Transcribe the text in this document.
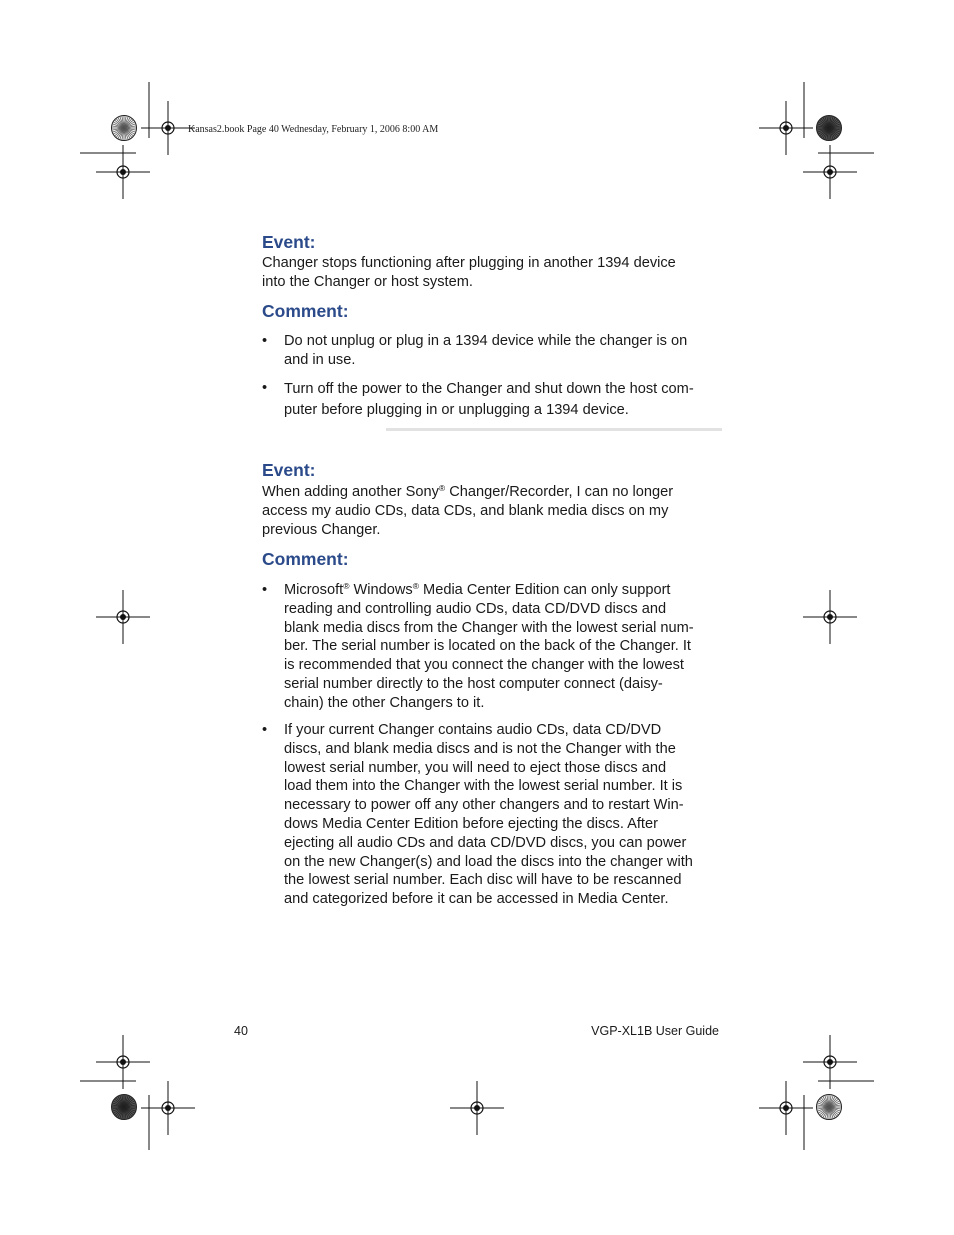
Kansas2.book Page 40 Wednesday, February 1, 2006 8:00 AM
Event:

Changer stops functioning after plugging in another 1394 device
into the Changer or host system.

Comment:
• Do not unplug or plug in a 1394 device while the changer is on
and in use.

• Turn off the power to the Changer and shut down the host com-
puter before plugging in or unplugging a 1394 device.

Event:

When adding another Sony® Changer/Recorder, I can no longer
access my audio CDs, data CDs, and blank media discs on my
previous Changer.

Comment:
• Microsoft® Windows® Media Center Edition can only support
reading and controlling audio CDs, data CD/DVD discs and
blank media discs from the Changer with the lowest serial num-
ber. The serial number is located on the back of the Changer. It
is recommended that you connect the changer with the lowest
serial number directly to the host computer connect (daisy-
chain) the other Changers to it.

• If your current Changer contains audio CDs, data CD/DVD
discs, and blank media discs and is not the Changer with the
lowest serial number, you will need to eject those discs and
load them into the Changer with the lowest serial number. It is
necessary to power off any other changers and to restart Win-
dows Media Center Edition before ejecting the discs. After
ejecting all audio CDs and data CD/DVD discs, you can power
on the new Changer(s) and load the discs into the changer with
the lowest serial number. Each disc will have to be rescanned
and categorized before it can be accessed in Media Center.

40	VGP-XL1B User Guide
